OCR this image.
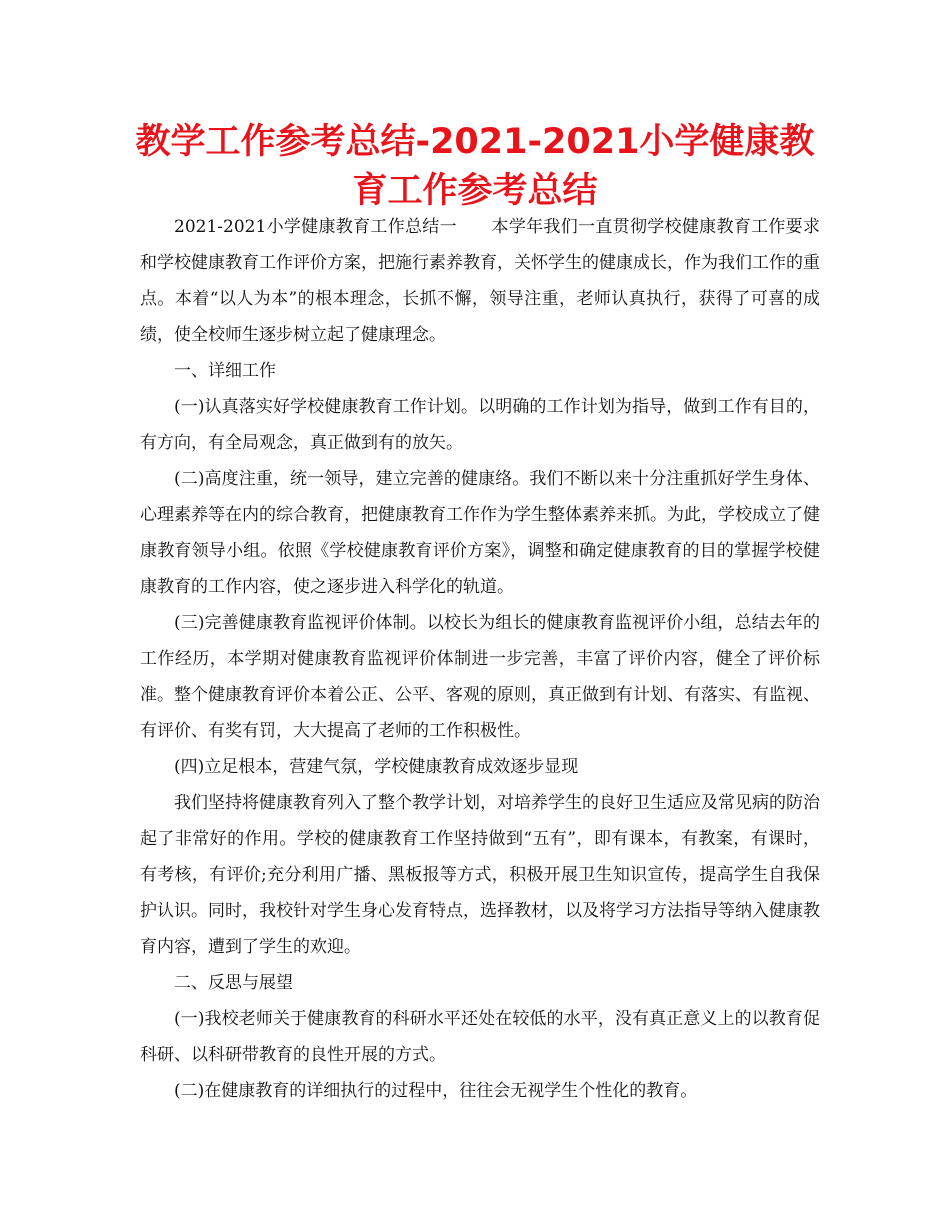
教学工作参考总结-2021-2021小学健康教育工作参考总结

2021-2021小学健康教育工作总结一　　本学年我们一直贯彻学校健康教育工作要求和学校健康教育工作评价方案，把施行素养教育，关怀学生的健康成长，作为我们工作的重点。本着“以人为本”的根本理念，长抓不懈，领导注重，老师认真执行，获得了可喜的成绩，使全校师生逐步树立起了健康理念。

一、详细工作

(一)认真落实好学校健康教育工作计划。以明确的工作计划为指导，做到工作有目的，有方向，有全局观念，真正做到有的放矢。

(二)高度注重，统一领导，建立完善的健康络。我们不断以来十分注重抓好学生身体、心理素养等在内的综合教育，把健康教育工作作为学生整体素养来抓。为此，学校成立了健康教育领导小组。依照《学校健康教育评价方案》，调整和确定健康教育的目的掌握学校健康教育的工作内容，使之逐步进入科学化的轨道。

(三)完善健康教育监视评价体制。以校长为组长的健康教育监视评价小组，总结去年的工作经历，本学期对健康教育监视评价体制进一步完善，丰富了评价内容，健全了评价标准。整个健康教育评价本着公正、公平、客观的原则，真正做到有计划、有落实、有监视、有评价、有奖有罚，大大提高了老师的工作积极性。

(四)立足根本，营建气氛，学校健康教育成效逐步显现

我们坚持将健康教育列入了整个教学计划，对培养学生的良好卫生适应及常见病的防治起了非常好的作用。学校的健康教育工作坚持做到“五有”，即有课本，有教案，有课时，有考核，有评价;充分利用广播、黑板报等方式，积极开展卫生知识宣传，提高学生自我保护认识。同时，我校针对学生身心发育特点，选择教材，以及将学习方法指导等纳入健康教育内容，遭到了学生的欢迎。

二、反思与展望

(一)我校老师关于健康教育的科研水平还处在较低的水平，没有真正意义上的以教育促科研、以科研带教育的良性开展的方式。

(二)在健康教育的详细执行的过程中，往往会无视学生个性化的教育。
